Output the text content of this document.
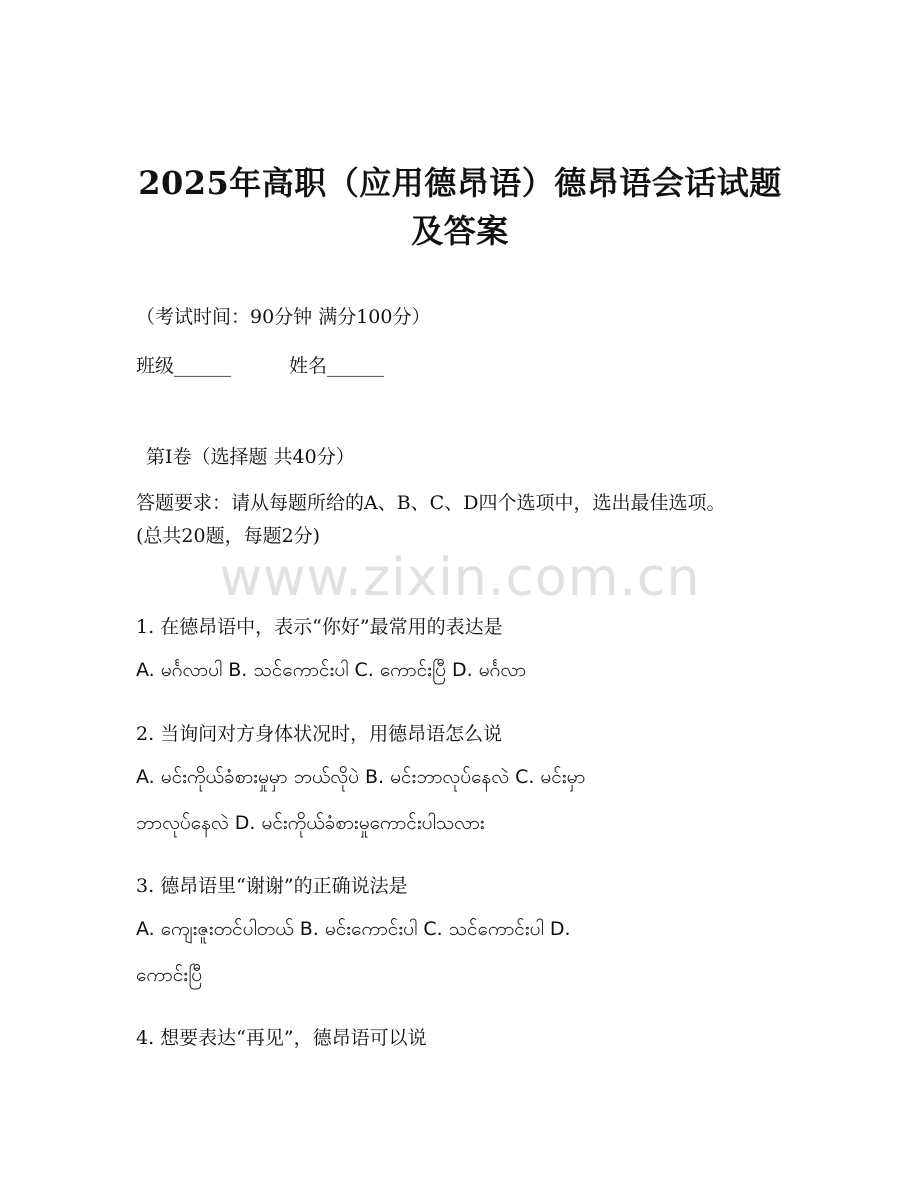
2025年高职（应用德昂语）德昂语会话试题
及答案
（考试时间：90分钟 满分100分）
班级______	姓名______
第Ⅰ卷（选择题 共40分）
答题要求：请从每题所给的A、B、C、D四个选项中，选出最佳选项。
(总共20题，每题2分)
www.zixin.com.cn
1. 在德昂语中，表示“你好”最常用的表达是
A. မင်္ဂလာပါ B. သင်ကောင်းပါ C. ကောင်းပြီ D. မင်္ဂလာ
2. 当询问对方身体状况时，用德昂语怎么说
A. မင်းကိုယ်ခံစားမှုမှာ ဘယ်လိုပဲ B. မင်းဘာလုပ်နေလဲ C. မင်းမှာ
ဘာလုပ်နေလဲ D. မင်းကိုယ်ခံစားမှုကောင်းပါသလား
3. 德昂语里“谢谢”的正确说法是
A. ကျေးဇူးတင်ပါတယ် B. မင်းကောင်းပါ C. သင်ကောင်းပါ D.
ကောင်းပြီ
4. 想要表达“再见”，德昂语可以说
